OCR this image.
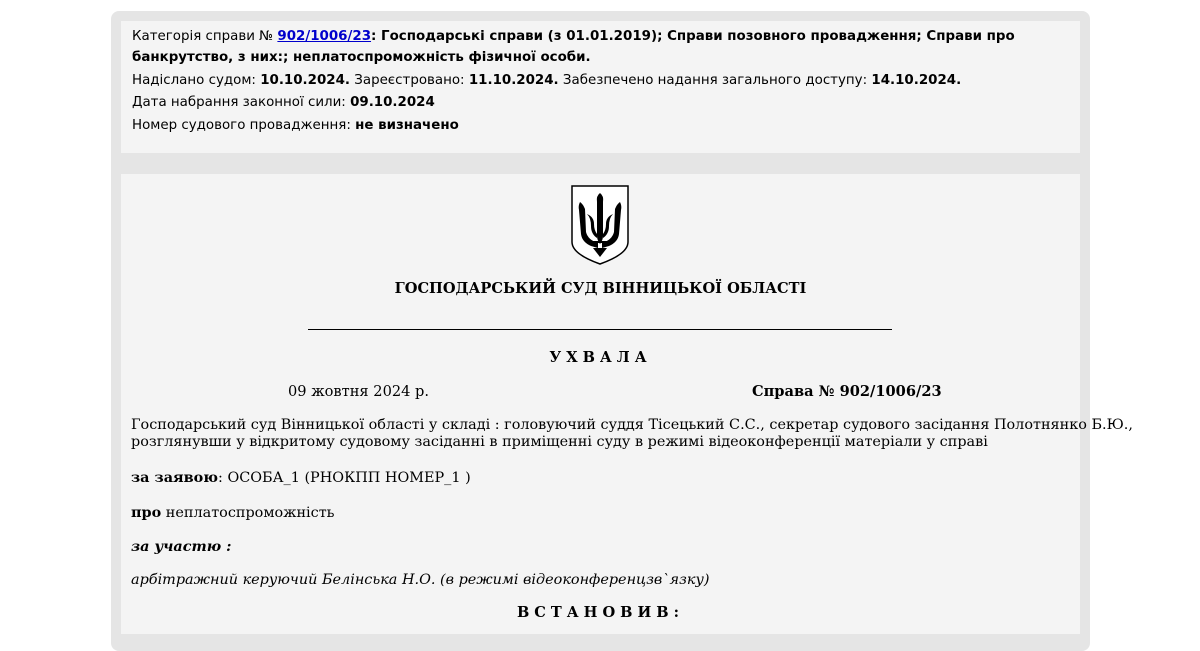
Категорія справи № 902/1006/23: Господарські справи (з 01.01.2019); Справи позовного провадження; Справи про
банкрутство, з них:; неплатоспроможність фізичної особи.
Надіслано судом: 10.10.2024. Зареєстровано: 11.10.2024. Забезпечено надання загального доступу: 14.10.2024.
Дата набрання законної сили: 09.10.2024
Номер судового провадження: не визначено
ГОСПОДАРСЬКИЙ СУД ВІННИЦЬКОЇ ОБЛАСТІ
УХВАЛА
09 жовтня 2024 р.	Справа № 902/1006/23
Господарський суд Вінницької області у складі : головуючий суддя Тісецький С.С., секретар судового засідання Полотнянко Б.Ю.,
розглянувши у відкритому судовому засіданні в приміщенні суду в режимі відеоконференції матеріали у справі
за заявою: ОСОБА_1 (РНОКПП НОМЕР_1 )
про неплатоспроможність
за участю :
арбітражний керуючий Белінська Н.О. (в режимі відеоконференцзв`язку)
ВСТАНОВИВ:
